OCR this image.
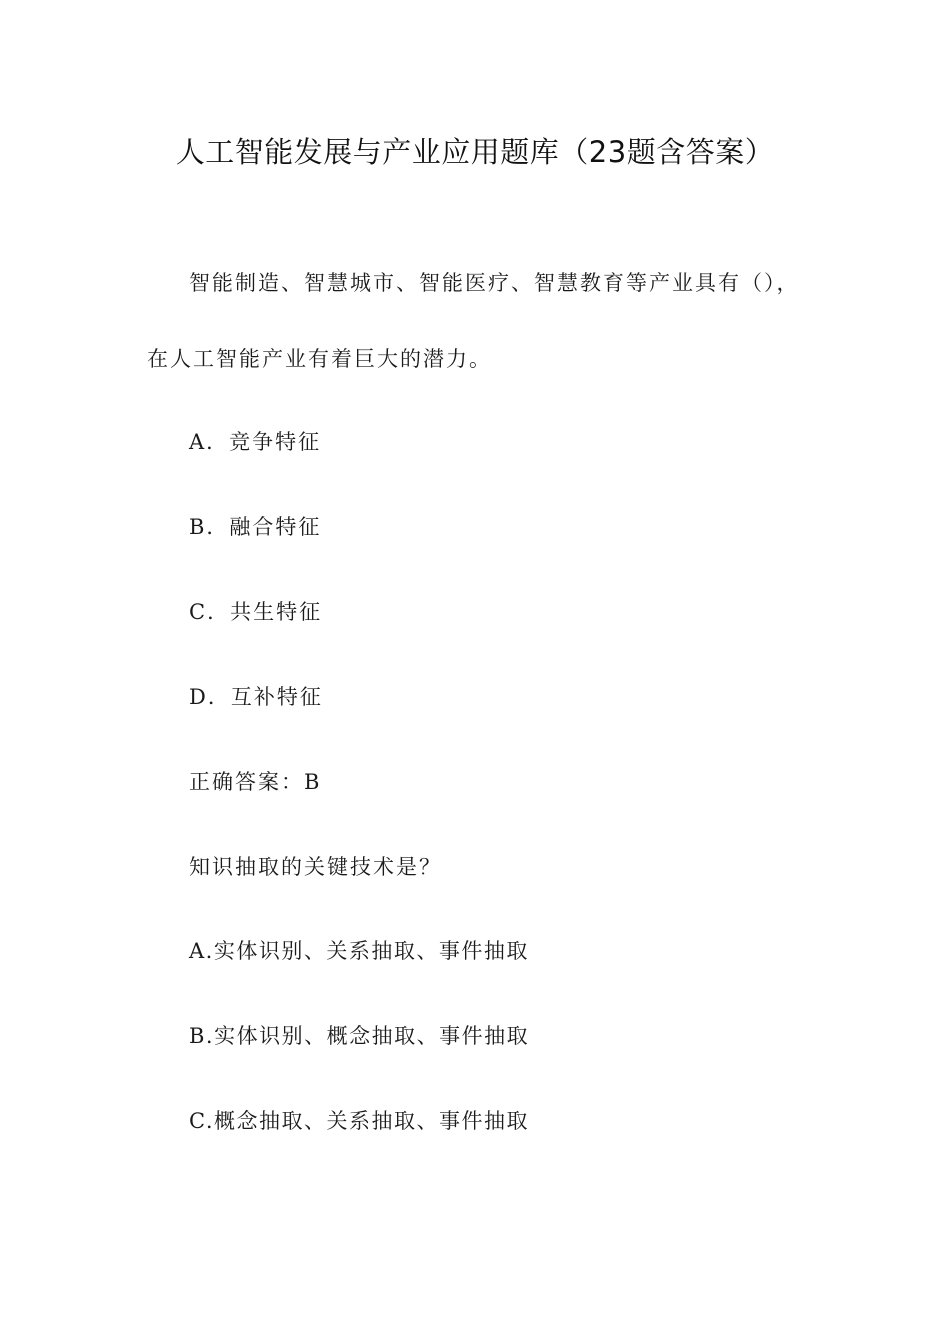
人工智能发展与产业应用题库（23题含答案）
智能制造、智慧城市、智能医疗、智慧教育等产业具有（），
在人工智能产业有着巨大的潜力。
A．竞争特征
B．融合特征
C．共生特征
D．互补特征
正确答案：B
知识抽取的关键技术是？
A.实体识别、关系抽取、事件抽取
B.实体识别、概念抽取、事件抽取
C.概念抽取、关系抽取、事件抽取
